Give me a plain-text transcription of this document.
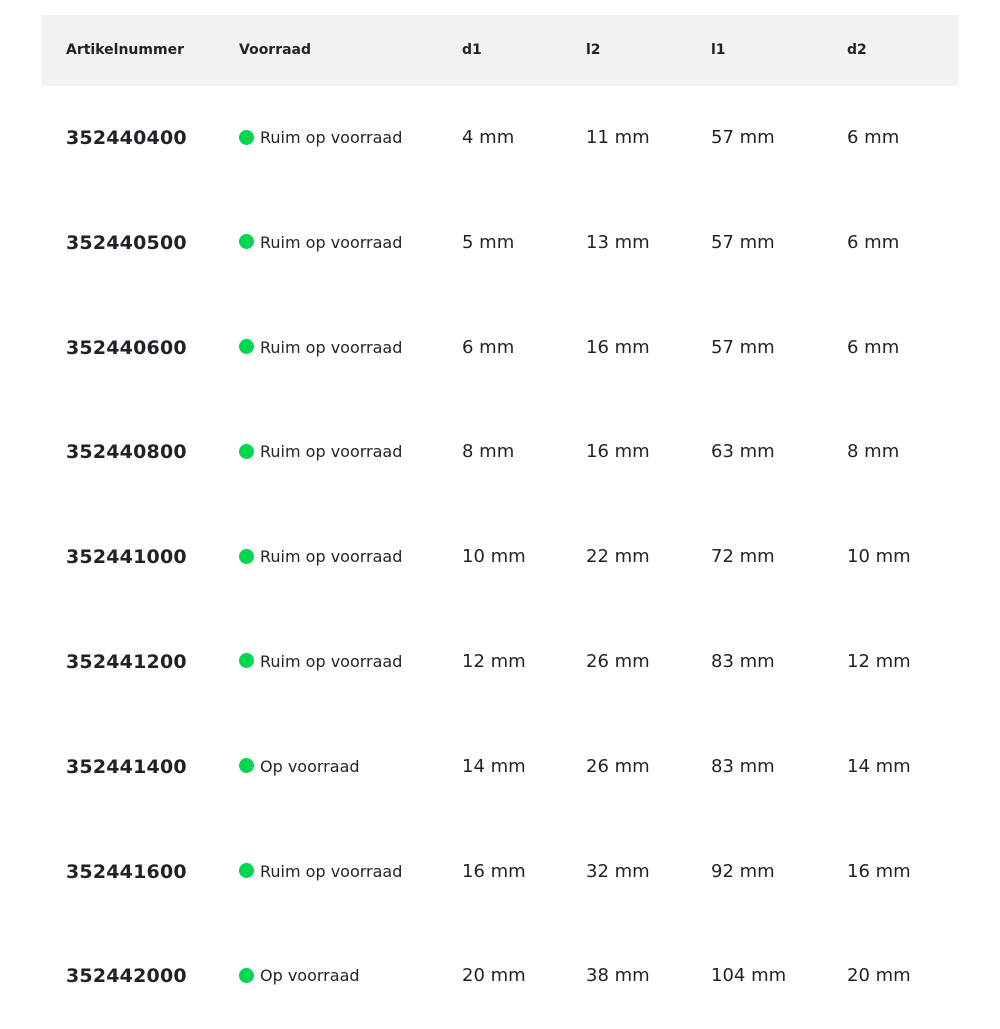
Artikelnummer	Voorraad	d1	l2	l1	d2
352440400	Ruim op voorraad	4 mm	11 mm	57 mm	6 mm
352440500	Ruim op voorraad	5 mm	13 mm	57 mm	6 mm
352440600	Ruim op voorraad	6 mm	16 mm	57 mm	6 mm
352440800	Ruim op voorraad	8 mm	16 mm	63 mm	8 mm
352441000	Ruim op voorraad	10 mm	22 mm	72 mm	10 mm
352441200	Ruim op voorraad	12 mm	26 mm	83 mm	12 mm
352441400	Op voorraad	14 mm	26 mm	83 mm	14 mm
352441600	Ruim op voorraad	16 mm	32 mm	92 mm	16 mm
352442000	Op voorraad	20 mm	38 mm	104 mm	20 mm
